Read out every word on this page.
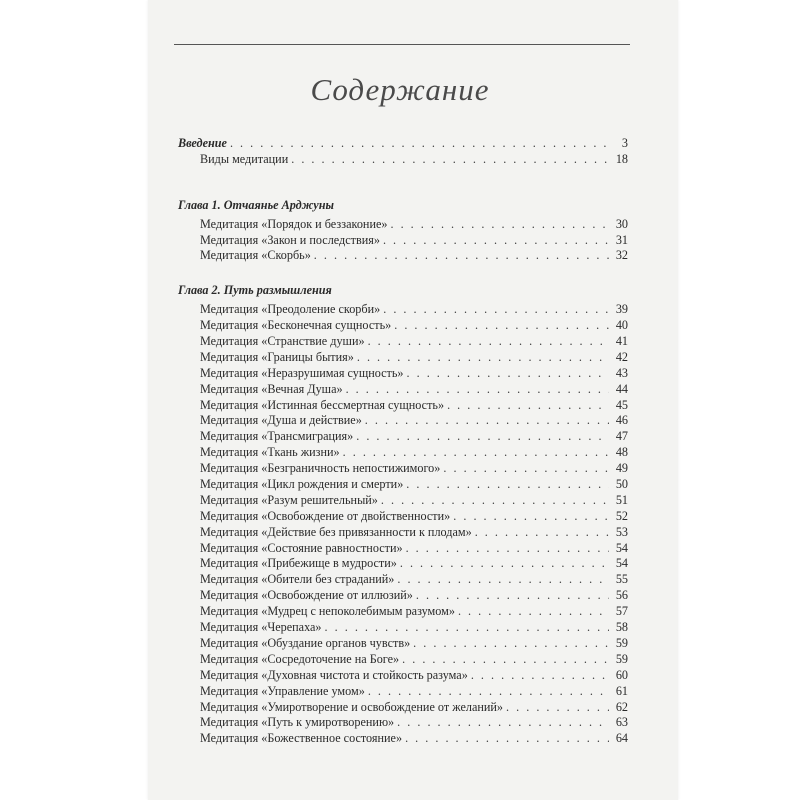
Содержание
Введение . . .	3
Виды медитации . . .	18
Глава 1. Отчаянье Арджуны
Медитация «Порядок и беззаконие» . . .	30
Медитация «Закон и последствия» . . .	31
Медитация «Скорбь» . . .	32
Глава 2. Путь размышления
Медитация «Преодоление скорби» . . .	39
Медитация «Бесконечная сущность» . . .	40
Медитация «Странствие души» . . .	41
Медитация «Границы бытия» . . .	42
Медитация «Неразрушимая сущность» . . .	43
Медитация «Вечная Душа» . . .	44
Медитация «Истинная бессмертная сущность» . . .	45
Медитация «Душа и действие» . . .	46
Медитация «Трансмиграция» . . .	47
Медитация «Ткань жизни» . . .	48
Медитация «Безграничность непостижимого» . . .	49
Медитация «Цикл рождения и смерти» . . .	50
Медитация «Разум решительный» . . .	51
Медитация «Освобождение от двойственности» . . .	52
Медитация «Действие без привязанности к плодам» . . .	53
Медитация «Состояние равностности» . . .	54
Медитация «Прибежище в мудрости» . . .	54
Медитация «Обители без страданий» . . .	55
Медитация «Освобождение от иллюзий» . . .	56
Медитация «Мудрец с непоколебимым разумом» . . .	57
Медитация «Черепаха» . . .	58
Медитация «Обуздание органов чувств» . . .	59
Медитация «Сосредоточение на Боге» . . .	59
Медитация «Духовная чистота и стойкость разума» . . .	60
Медитация «Управление умом» . . .	61
Медитация «Умиротворение и освобождение от желаний» . . .	62
Медитация «Путь к умиротворению» . . .	63
Медитация «Божественное состояние» . . .	64
